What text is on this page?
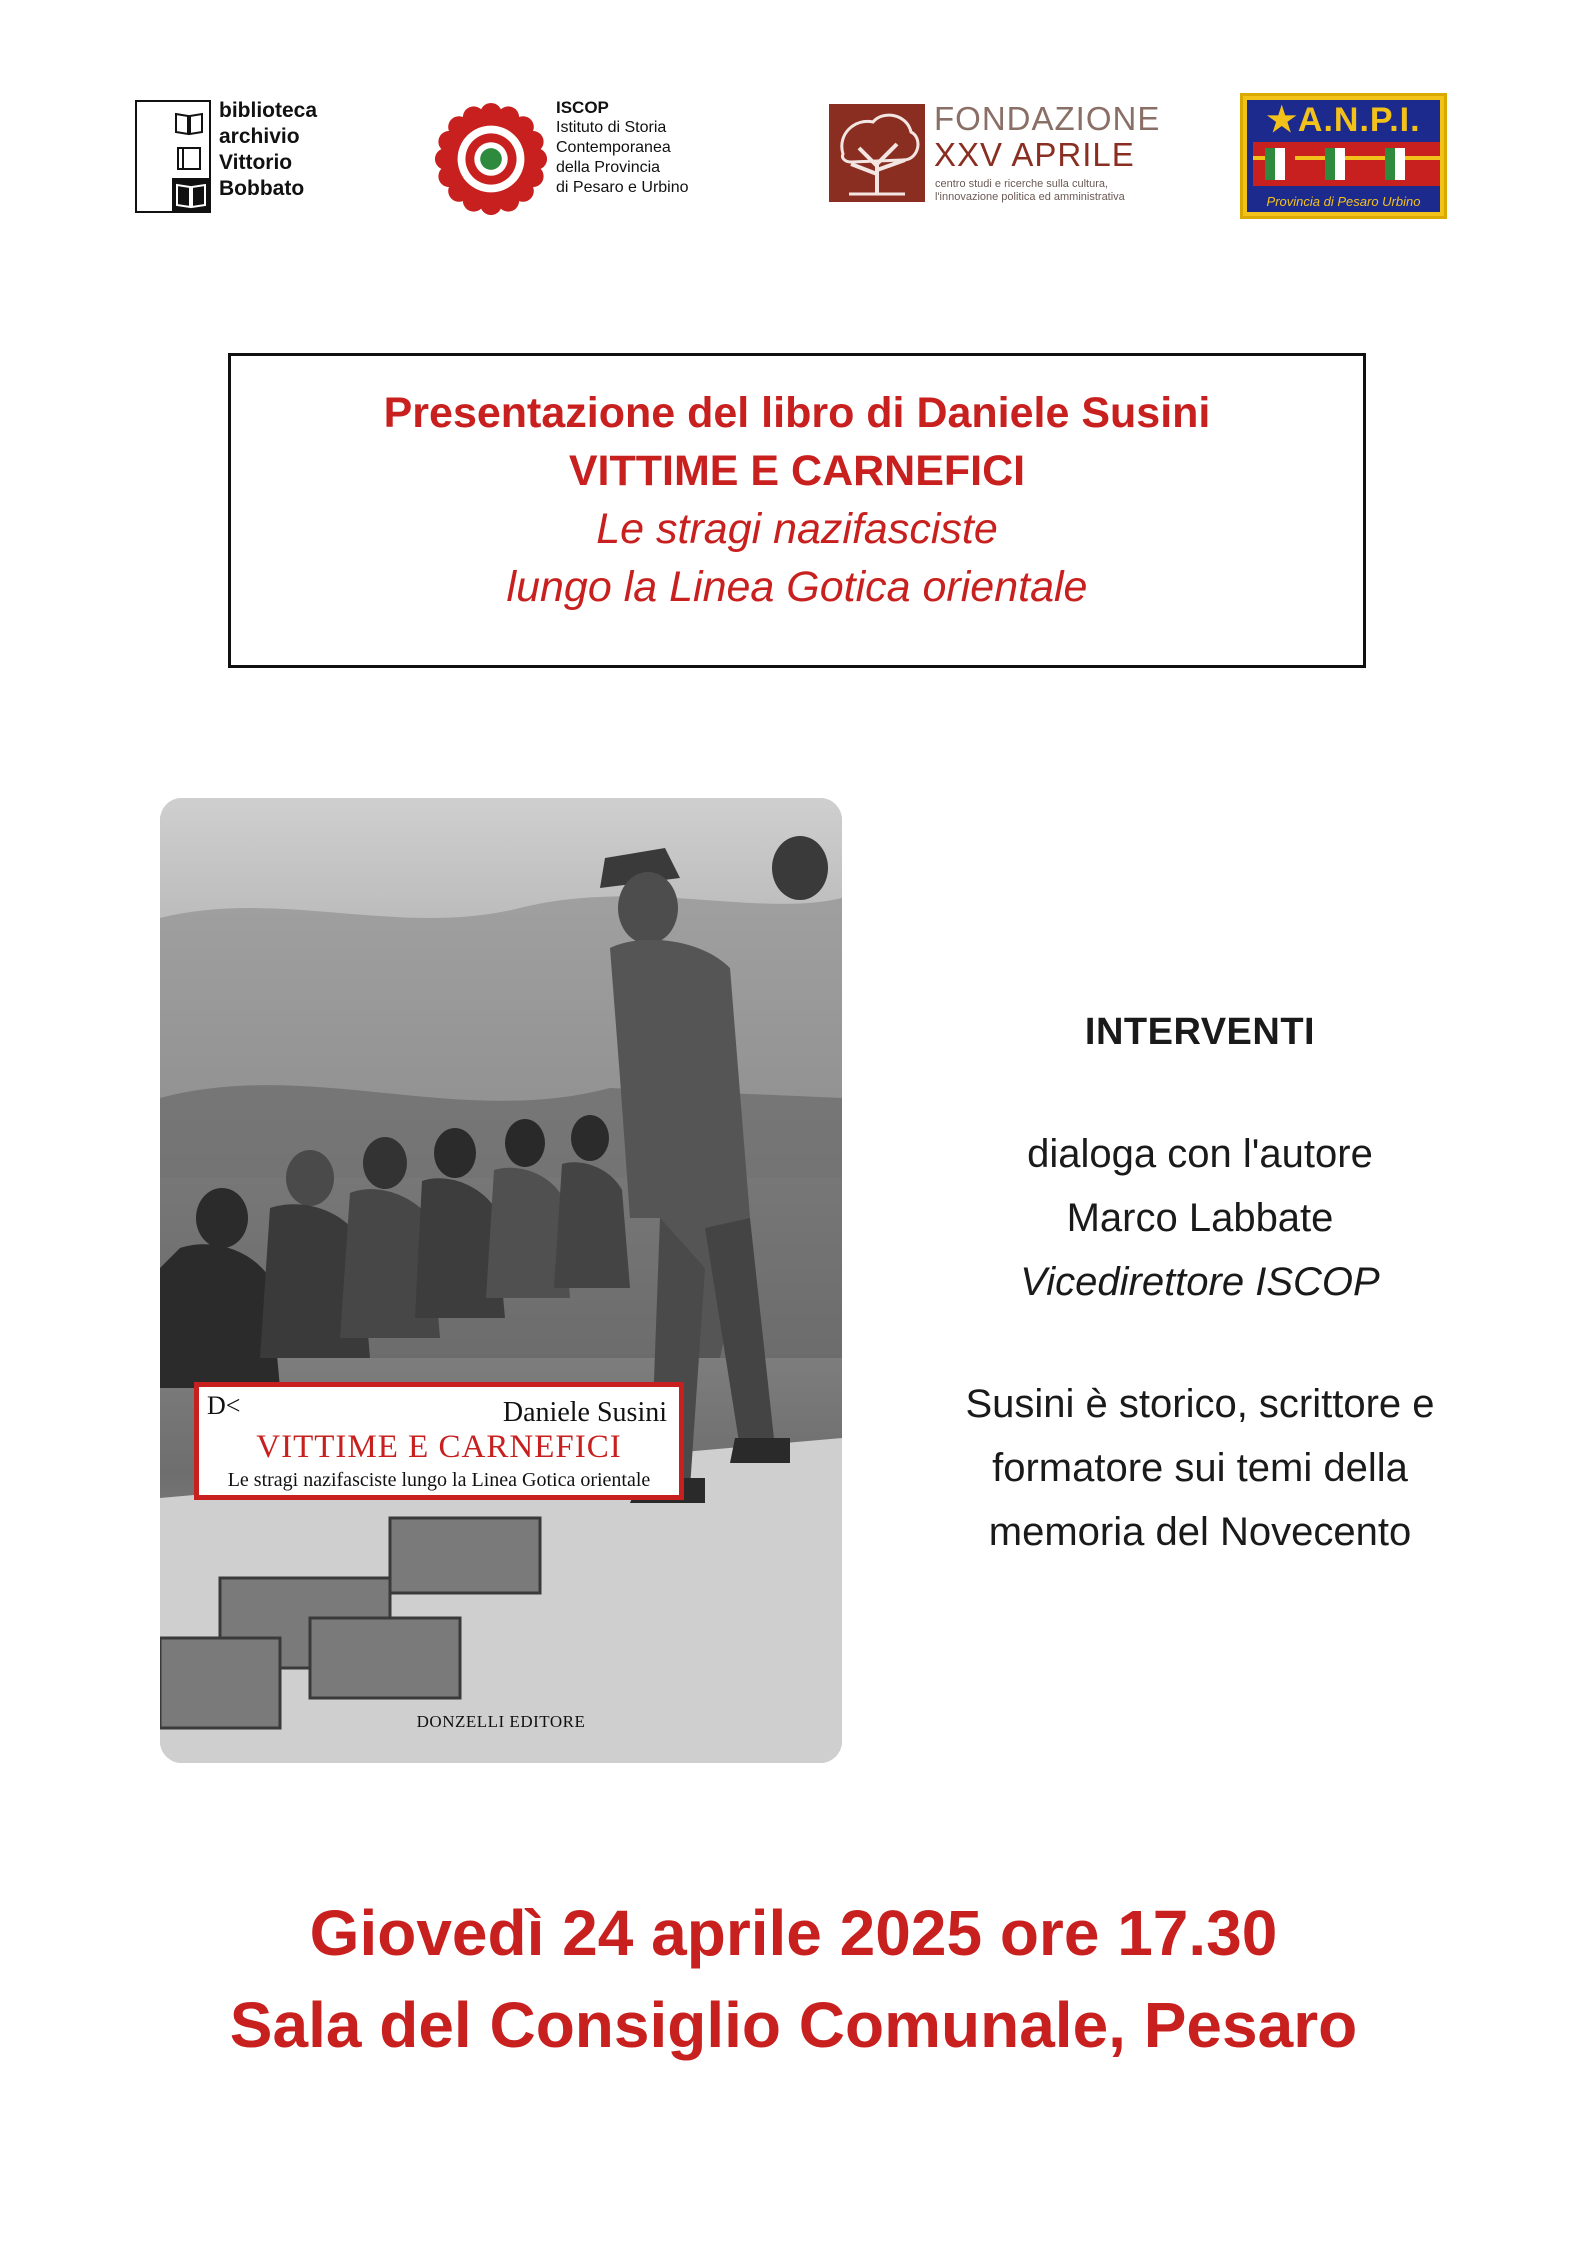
biblioteca
archivio
Vittorio
Bobbato
ISCOP
Istituto di Storia
Contemporanea
della Provincia
di Pesaro e Urbino
FONDAZIONE
XXV APRILE
centro studi e ricerche sulla cultura,
l'innovazione politica ed amministrativa
★A.N.P.I.
Provincia di Pesaro Urbino
Presentazione del libro di Daniele Susini
VITTIME E CARNEFICI
Le stragi nazifasciste
lungo la Linea Gotica orientale
D<	Daniele Susini
VITTIME E CARNEFICI
Le stragi nazifasciste lungo la Linea Gotica orientale
DONZELLI EDITORE
INTERVENTI
dialoga con l'autore
Marco Labbate
Vicedirettore ISCOP
Susini è storico, scrittore e
formatore sui temi della
memoria del Novecento
Giovedì 24 aprile 2025 ore 17.30
Sala del Consiglio Comunale, Pesaro
